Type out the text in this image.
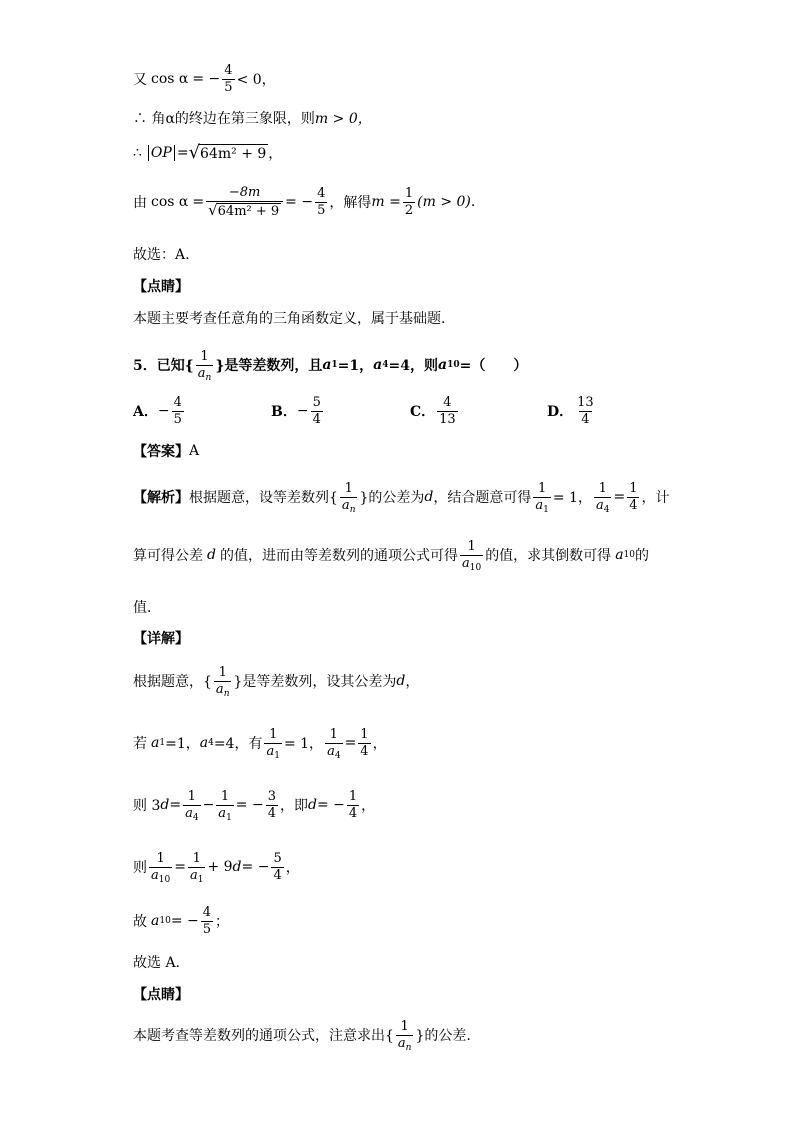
又 cos α = − $\frac{4}{5} < 0$，
∴ 角α的终边在第三象限，则 m > 0，
∴ OP = √ 64m² + 9 ，
由 $\cos \alpha = \frac{-8m}{\text{√ 64m² + 9}}$ = − $\frac{4}{5}$ ，解得 $m = \frac{1}{2} (m > 0)$ .
故选：A.
【点睛】
本题主要考查任意角的三角函数定义，属于基础题.
5．已知{ $\frac{1}{a_n}$ }是等差数列，且 a 1 =1， a 4 =4，则 a 10 =（　　）
A． − $\frac{4}{5}$	B． − $\frac{5}{4}$	C． $\frac{4}{13}$	D． $\frac{13}{4}$
【答案】 A
【解析】 根据题意，设等差数列{ $\frac{1}{a_n}$ }的公差为 d ，结合题意可得 $\frac{1}{a_1} = 1$， $\frac{1}{a_4} = \frac{1}{4}$ ，计
算可得公差 d 的值，进而由等差数列的通项公式可得 $\frac{1}{a_{10}}$ 的值，求其倒数可得 a 10 的
值.
【详解】
根据题意，{ $\frac{1}{a_n}$ }是等差数列，设其公差为 d ，
若 a 1 =1， a 4 =4，有 $\frac{1}{a_1} = 1$， $\frac{1}{a_4} = \frac{1}{4}$ ，
则 3 $d = \frac{1}{a_4} - \frac{1}{a_1}$ = − $\frac{3}{4}$ ，即 d = − $\frac{1}{4}$ ，
则 $\frac{1}{a_{10}} = \frac{1}{a_1} + 9$ d = − $\frac{5}{4}$ ，
故 a 10 = − $\frac{4}{5}$ ；
故选 A.
【点睛】
本题考查等差数列的通项公式，注意求出{ $\frac{1}{a_n}$ }的公差.
